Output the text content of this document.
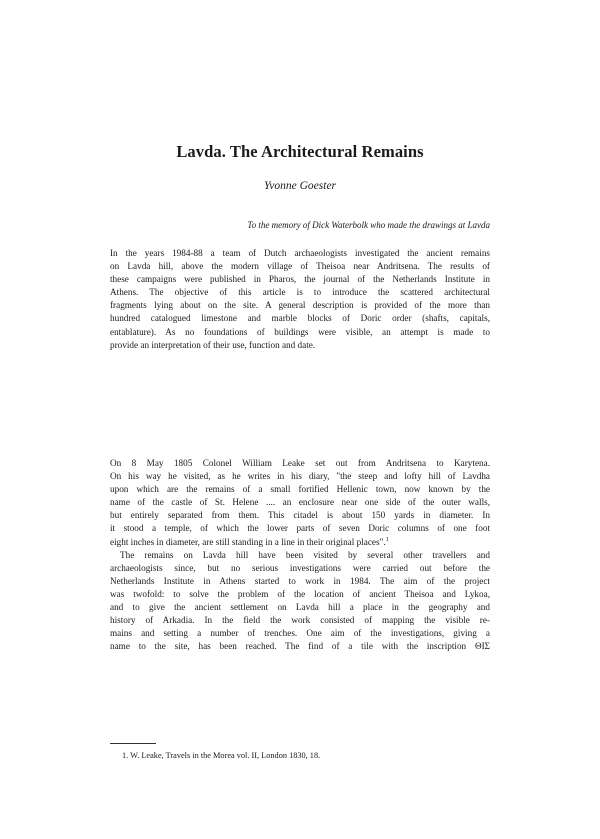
Lavda. The Architectural Remains
Yvonne Goester
To the memory of Dick Waterbolk who made the drawings at Lavda
In the years 1984-88 a team of Dutch archaeologists investigated the ancient remains
on Lavda hill, above the modern village of Theisoa near Andritsena. The results of
these campaigns were published in Pharos, the journal of the Netherlands Institute in
Athens. The objective of this article is to introduce the scattered architectural
fragments lying about on the site. A general description is provided of the more than
hundred catalogued limestone and marble blocks of Doric order (shafts, capitals,
entablature). As no foundations of buildings were visible, an attempt is made to
provide an interpretation of their use, function and date.
On 8 May 1805 Colonel William Leake set out from Andritsena to Karytena.
On his way he visited, as he writes in his diary, "the steep and lofty hill of Lavdha
upon which are the remains of a small fortified Hellenic town, now known by the
name of the castle of St. Helene .... an enclosure near one side of the outer walls,
but entirely separated from them. This citadel is about 150 yards in diameter. In
it stood a temple, of which the lower parts of seven Doric columns of one foot
eight inches in diameter, are still standing in a line in their original places".$^1$
The remains on Lavda hill have been visited by several other travellers and
archaeologists since, but no serious investigations were carried out before the
Netherlands Institute in Athens started to work in 1984. The aim of the project
was twofold: to solve the problem of the location of ancient Theisoa and Lykoa,
and to give the ancient settlement on Lavda hill a place in the geography and
history of Arkadia. In the field the work consisted of mapping the visible re-
mains and setting a number of trenches. One aim of the investigations, giving a
name to the site, has been reached. The find of a tile with the inscription ΘΙΣ
1. W. Leake, Travels in the Morea vol. II, London 1830, 18.
